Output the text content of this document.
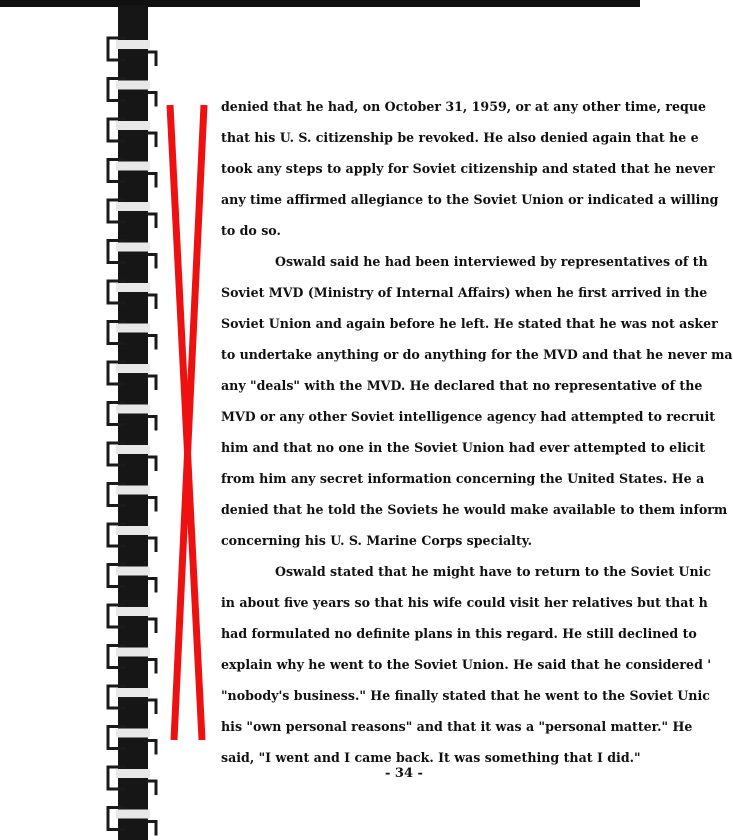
denied that he had, on October 31, 1959, or at any other time, reque
that his U. S. citizenship be revoked. He also denied again that he e
took any steps to apply for Soviet citizenship and stated that he never
any time affirmed allegiance to the Soviet Union or indicated a willing
to do so.
Oswald said he had been interviewed by representatives of th
Soviet MVD (Ministry of Internal Affairs) when he first arrived in the
Soviet Union and again before he left. He stated that he was not asker
to undertake anything or do anything for the MVD and that he never ma
any "deals" with the MVD. He declared that no representative of the
MVD or any other Soviet intelligence agency had attempted to recruit
him and that no one in the Soviet Union had ever attempted to elicit
from him any secret information concerning the United States. He a
denied that he told the Soviets he would make available to them inform
concerning his U. S. Marine Corps specialty.
Oswald stated that he might have to return to the Soviet Unic
in about five years so that his wife could visit her relatives but that h
had formulated no definite plans in this regard. He still declined to
explain why he went to the Soviet Union. He said that he considered '
"nobody's business." He finally stated that he went to the Soviet Unic
his "own personal reasons" and that it was a "personal matter." He
said, "I went and I came back. It was something that I did."
- 34 -
